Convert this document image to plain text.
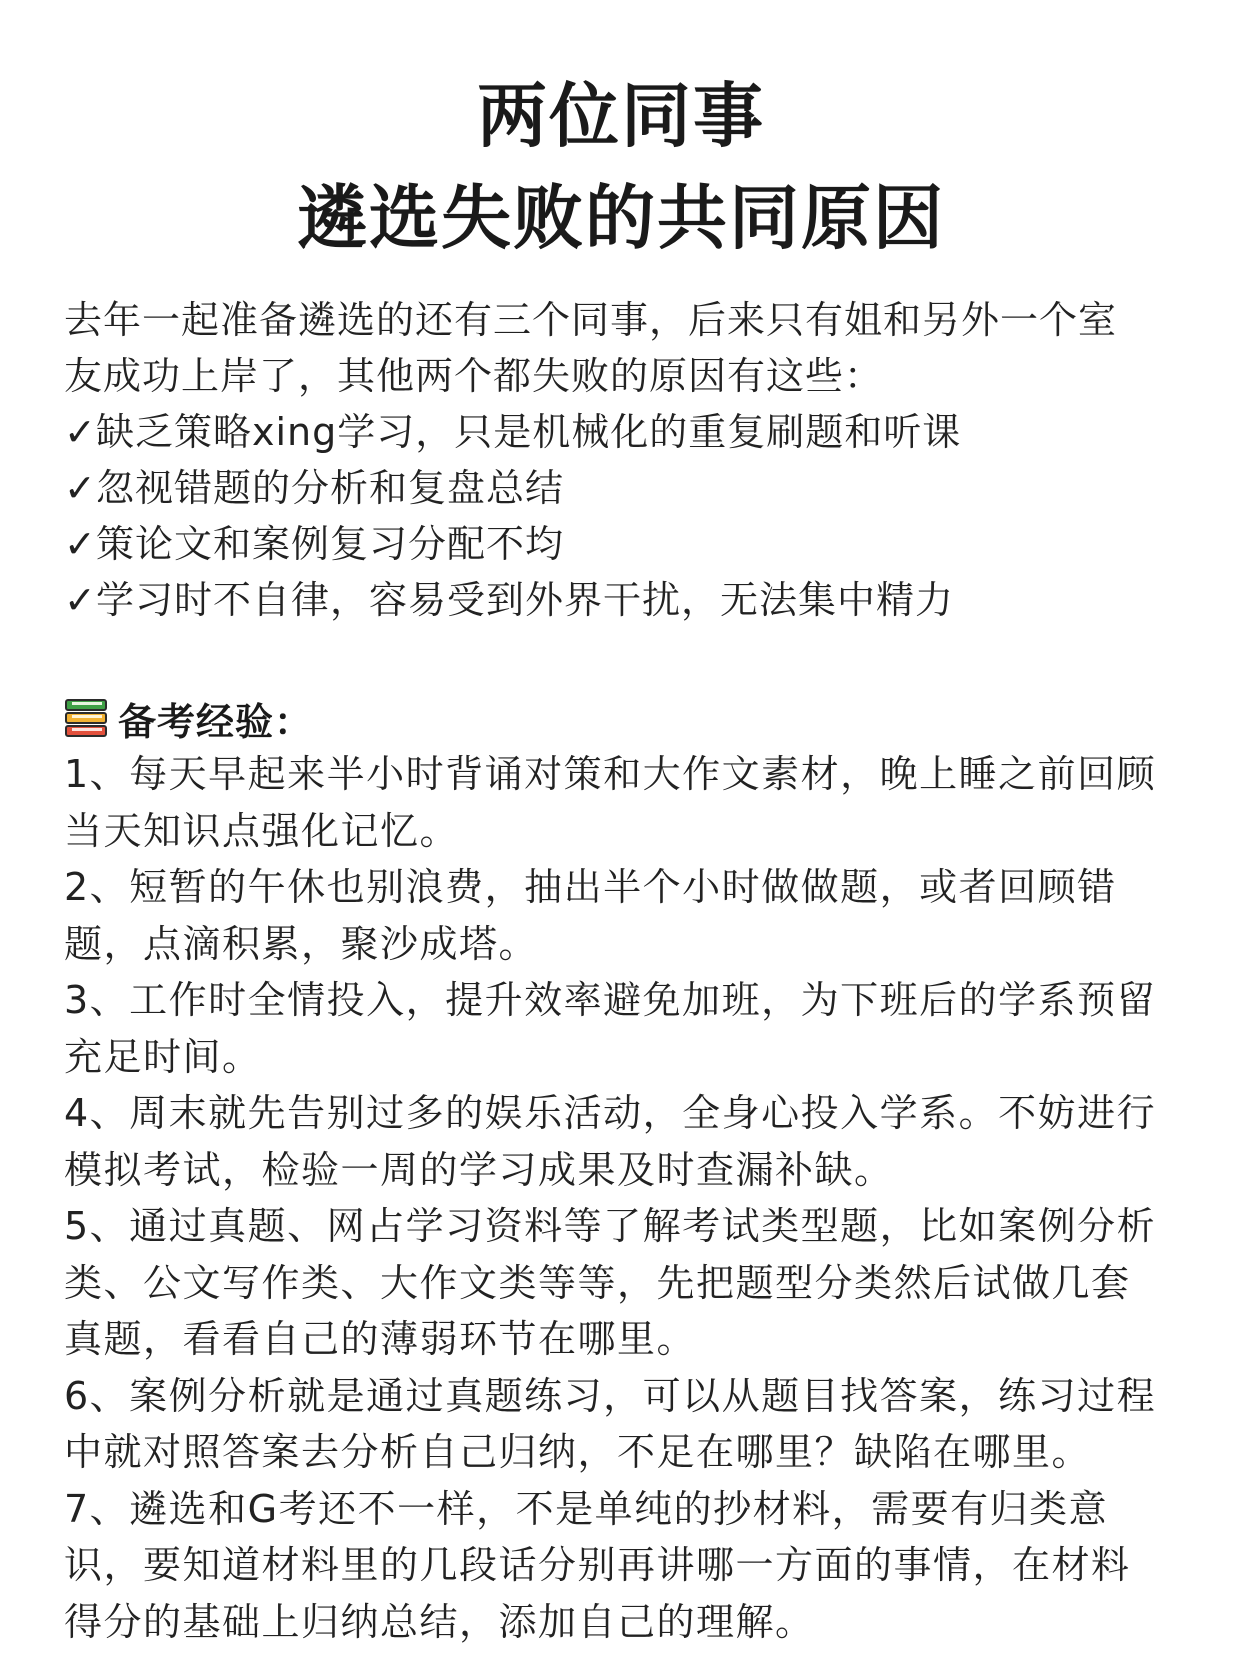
两位同事
遴选失败的共同原因
去年一起准备遴选的还有三个同事，后来只有姐和另外一个室
友成功上岸了，其他两个都失败的原因有这些：
✓缺乏策略xing学习，只是机械化的重复刷题和听课
✓忽视错题的分析和复盘总结
✓策论文和案例复习分配不均
✓学习时不自律，容易受到外界干扰，无法集中精力
备考经验：
1、每天早起来半小时背诵对策和大作文素材，晚上睡之前回顾
当天知识点强化记忆。
2、短暂的午休也别浪费，抽出半个小时做做题，或者回顾错
题，点滴积累，聚沙成塔。
3、工作时全情投入，提升效率避免加班，为下班后的学系预留
充足时间。
4、周末就先告别过多的娱乐活动，全身心投入学系。不妨进行
模拟考试，检验一周的学习成果及时查漏补缺。
5、通过真题、网占学习资料等了解考试类型题，比如案例分析
类、公文写作类、大作文类等等，先把题型分类然后试做几套
真题，看看自己的薄弱环节在哪里。
6、案例分析就是通过真题练习，可以从题目找答案，练习过程
中就对照答案去分析自己归纳，不足在哪里？缺陷在哪里。
7、遴选和G考还不一样，不是单纯的抄材料，需要有归类意
识，要知道材料里的几段话分别再讲哪一方面的事情，在材料
得分的基础上归纳总结，添加自己的理解。
